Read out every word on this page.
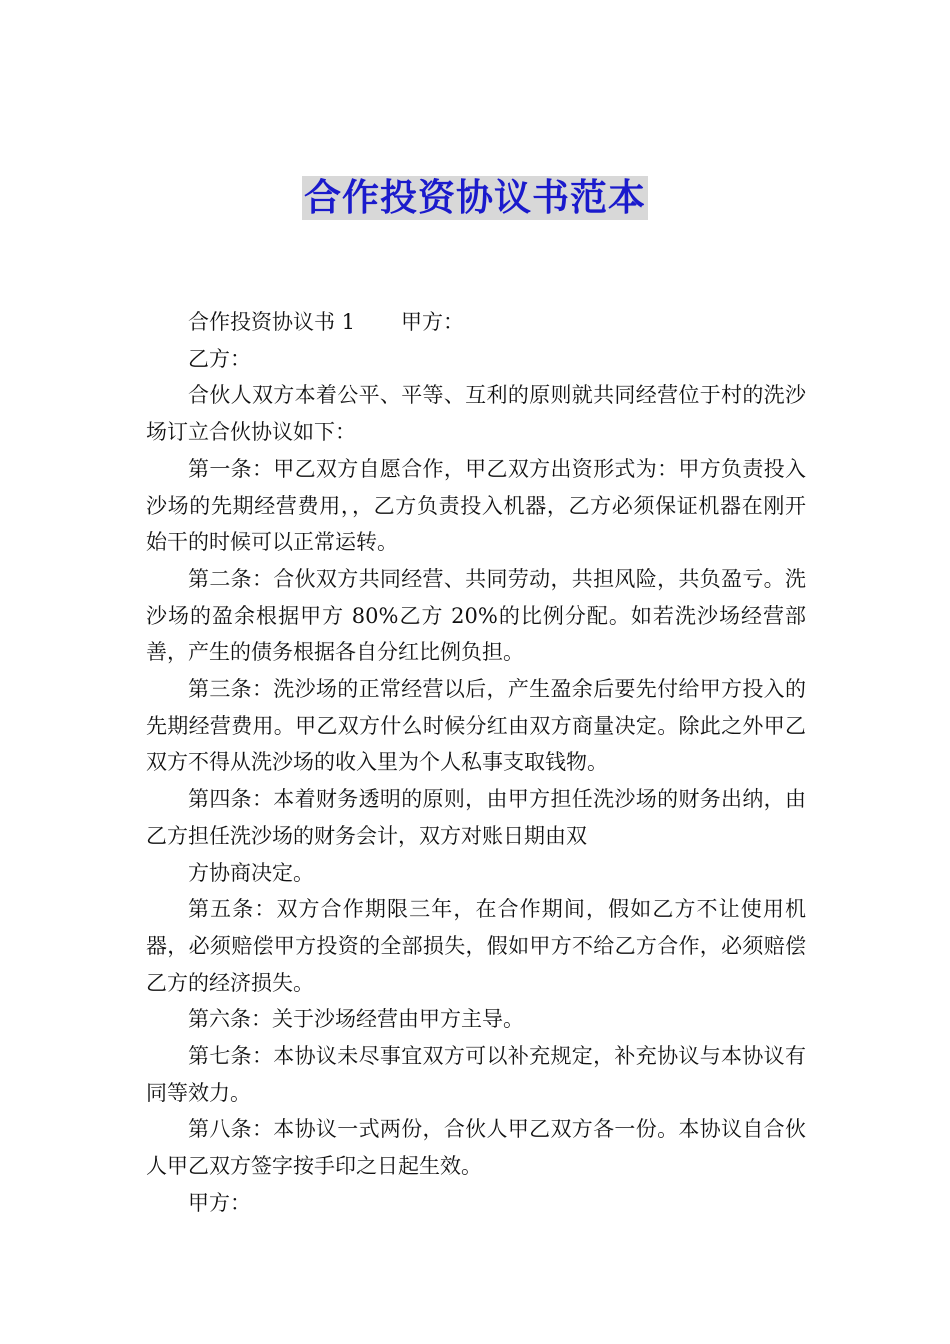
合作投资协议书范本

合作投资协议书 1 甲方：

乙方：

合伙人双方本着公平、平等、互利的原则就共同经营位于村的洗沙场订立合伙协议如下：

第一条：甲乙双方自愿合作，甲乙双方出资形式为：甲方负责投入沙场的先期经营费用，，乙方负责投入机器，乙方必须保证机器在刚开始干的时候可以正常运转。

第二条：合伙双方共同经营、共同劳动，共担风险，共负盈亏。洗沙场的盈余根据甲方 80%乙方 20%的比例分配。如若洗沙场经营部善，产生的债务根据各自分红比例负担。

第三条：洗沙场的正常经营以后，产生盈余后要先付给甲方投入的先期经营费用。甲乙双方什么时候分红由双方商量决定。除此之外甲乙双方不得从洗沙场的收入里为个人私事支取钱物。

第四条：本着财务透明的原则，由甲方担任洗沙场的财务出纳，由乙方担任洗沙场的财务会计，双方对账日期由双

方协商决定。

第五条：双方合作期限三年，在合作期间，假如乙方不让使用机器，必须赔偿甲方投资的全部损失，假如甲方不给乙方合作，必须赔偿乙方的经济损失。

第六条：关于沙场经营由甲方主导。

第七条：本协议未尽事宜双方可以补充规定，补充协议与本协议有同等效力。

第八条：本协议一式两份，合伙人甲乙双方各一份。本协议自合伙人甲乙双方签字按手印之日起生效。

甲方：
